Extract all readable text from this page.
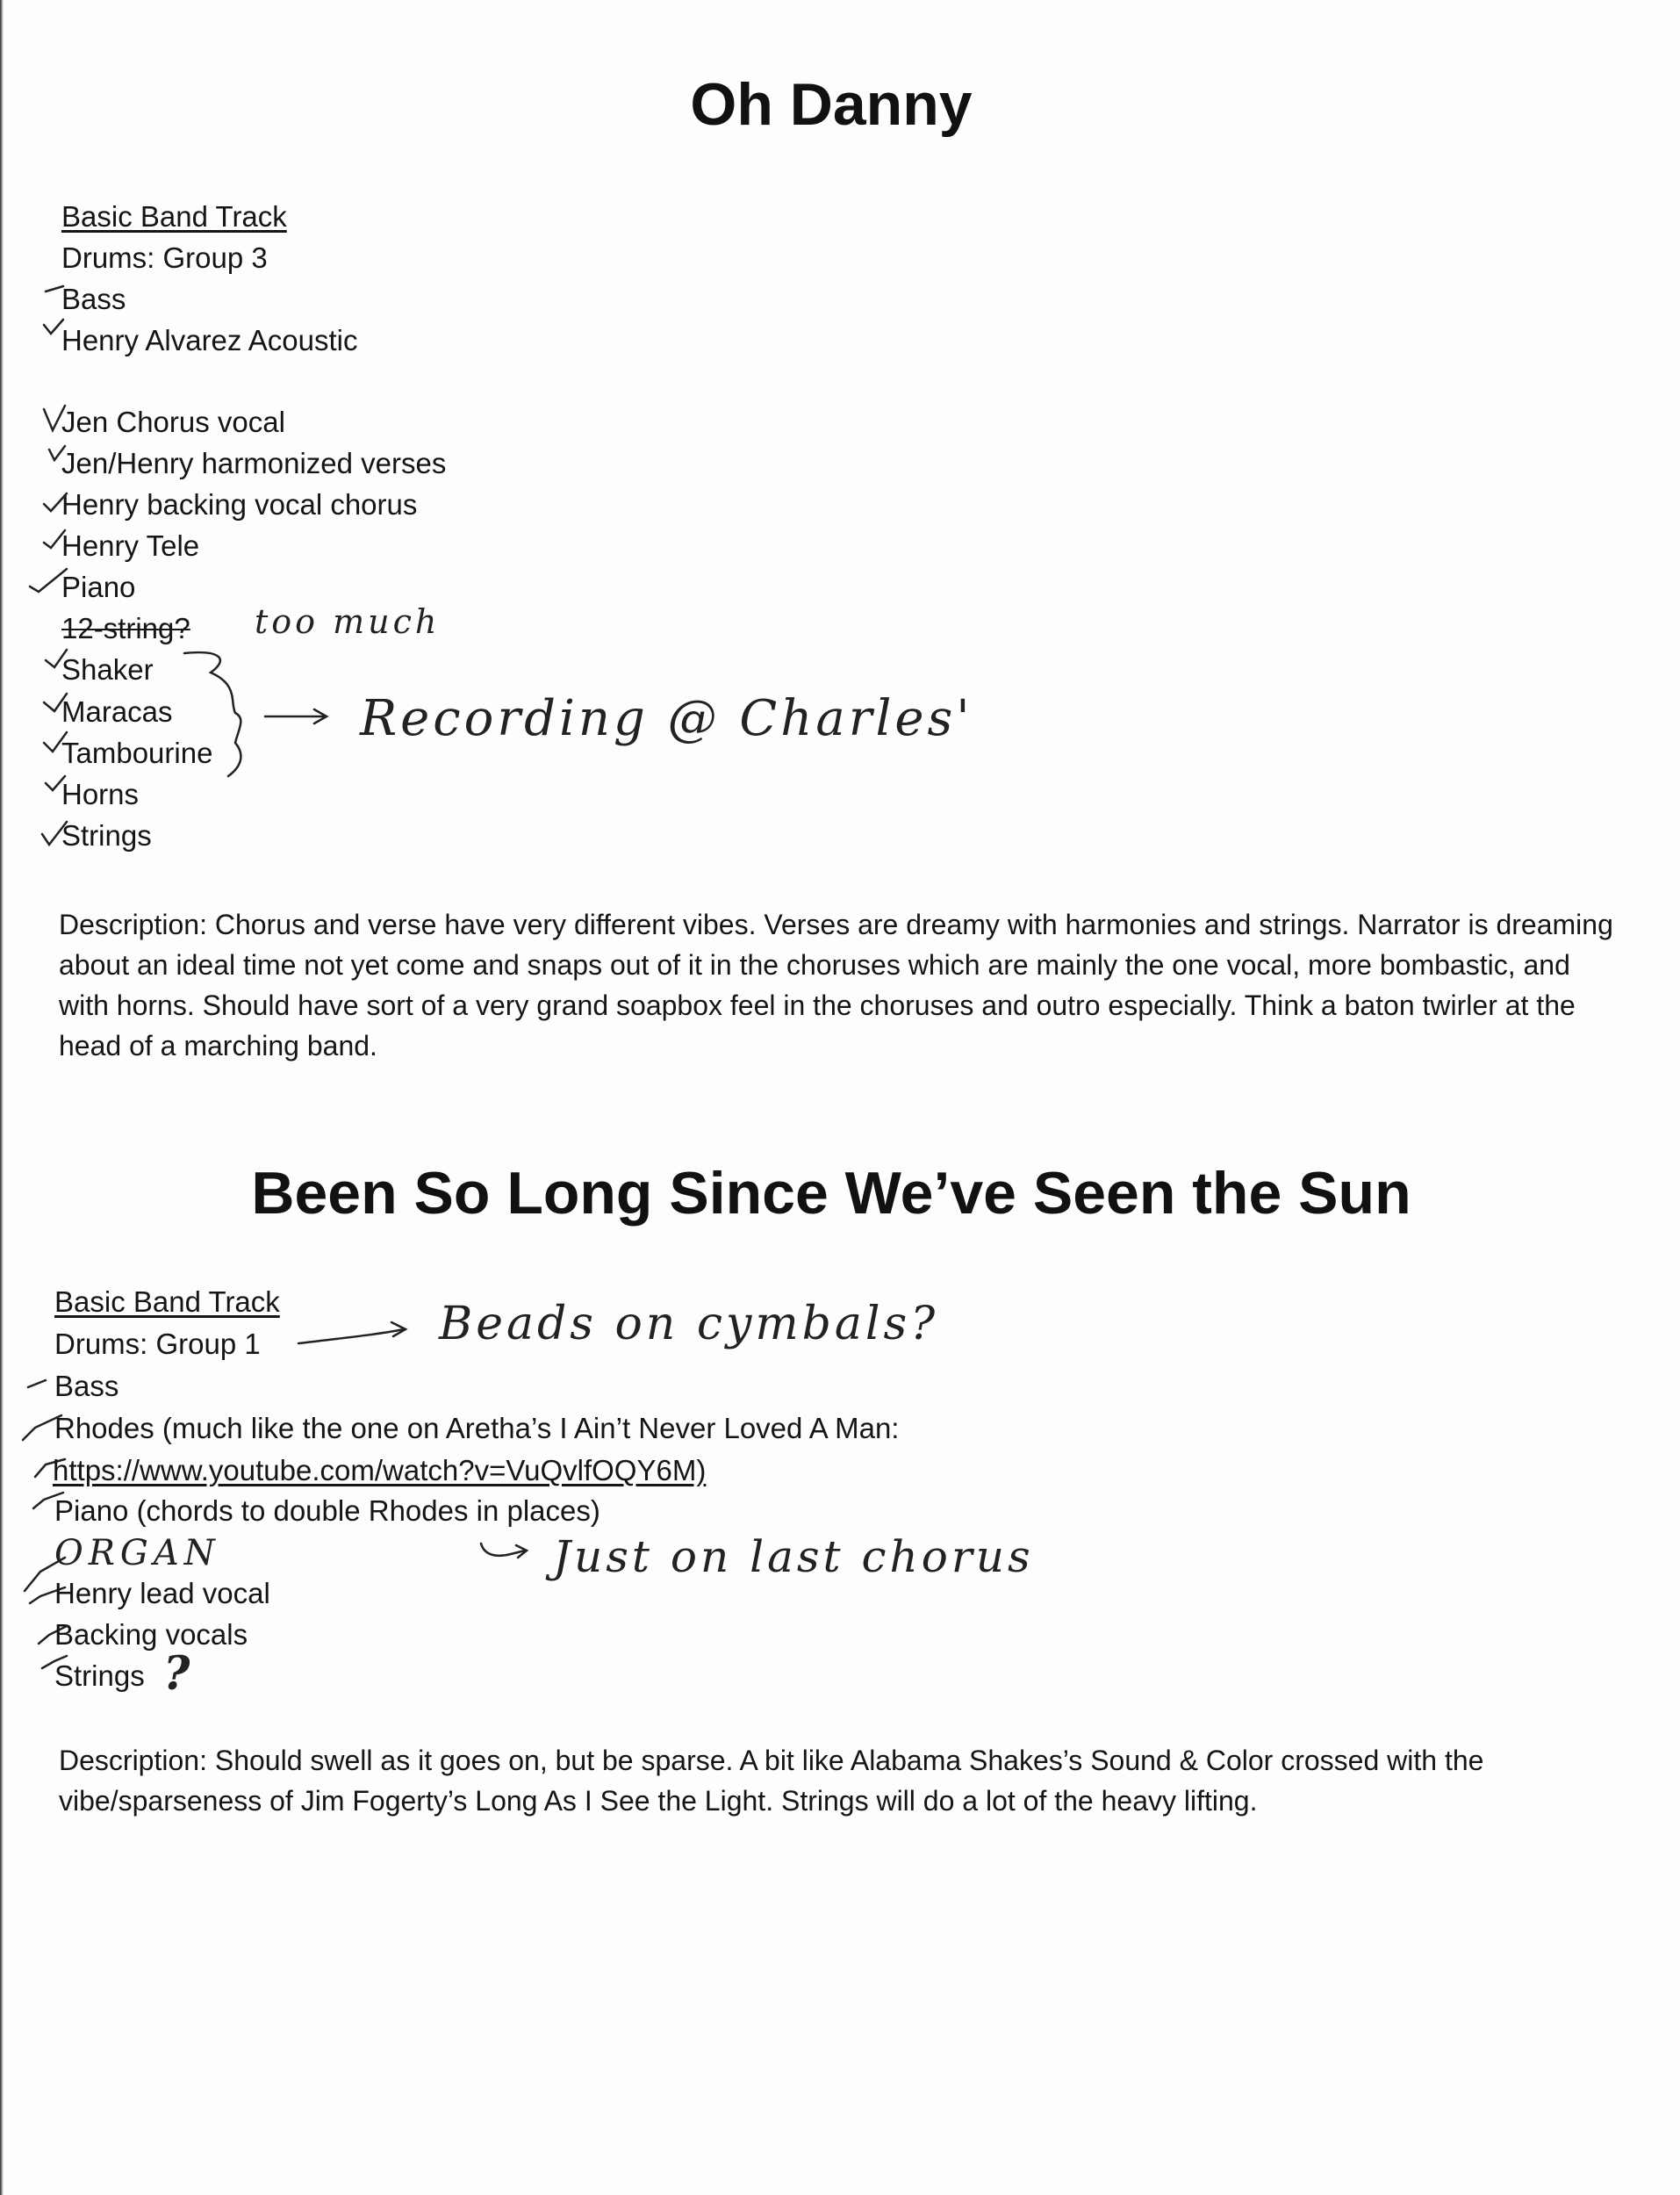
Oh Danny
Basic Band Track
Drums: Group 3
Bass
Henry Alvarez Acoustic
Jen Chorus vocal
Jen/Henry harmonized verses
Henry backing vocal chorus
Henry Tele
Piano
12-string?
Shaker
Maracas
Tambourine
Horns
Strings
too much
Recording @ Charles'
Description: Chorus and verse have very different vibes. Verses are dreamy with harmonies and strings. Narrator is dreaming about an ideal time not yet come and snaps out of it in the choruses which are mainly the one vocal, more bombastic, and with horns. Should have sort of a very grand soapbox feel in the choruses and outro especially. Think a baton twirler at the head of a marching band.
Been So Long Since We’ve Seen the Sun
Basic Band Track
Drums: Group 1
Bass
Rhodes (much like the one on Aretha’s I Ain’t Never Loved A Man:
https://www.youtube.com/watch?v=VuQvlfOQY6M)
Piano (chords to double Rhodes in places)
ORGAN
Henry lead vocal
Backing vocals
Strings
Beads on cymbals?
Just on last chorus
?
Description: Should swell as it goes on, but be sparse. A bit like Alabama Shakes’s Sound & Color crossed with the vibe/sparseness of Jim Fogerty’s Long As I See the Light. Strings will do a lot of the heavy lifting.
